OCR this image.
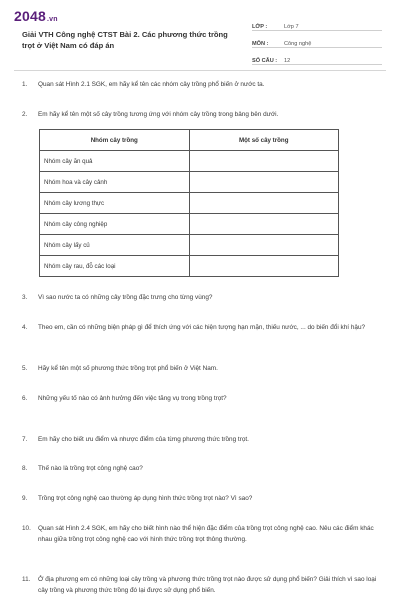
2048.vn
Giải VTH Công nghệ CTST Bài 2. Các phương thức trồng trọt ở Việt Nam có đáp án
LỚP :	Lớp 7
MÔN :	Công nghệ
SỐ CÂU :	12
1.	Quan sát Hình 2.1 SGK, em hãy kể tên các nhóm cây trồng phổ biến ở nước ta.
2.	Em hãy kể tên một số cây trồng tương ứng với nhóm cây trồng trong bảng bên dưới.
Nhóm cây trồng	Một số cây trồng
Nhóm cây ăn quả	
Nhóm hoa và cây cảnh	
Nhóm cây lương thực	
Nhóm cây công nghiệp	
Nhóm cây lấy củ	
Nhóm cây rau, đỗ các loại	
3.	Vì sao nước ta có những cây trồng đặc trưng cho từng vùng?
4.	Theo em, cần có những biện pháp gì để thích ứng với các hiện tượng hạn mặn, thiếu nước, ... do biến đổi khí hậu?
5.	Hãy kể tên một số phương thức trồng trọt phổ biến ở Việt Nam.
6.	Những yếu tố nào có ảnh hưởng đến việc tăng vụ trong trồng trọt?
7.	Em hãy cho biết ưu điểm và nhược điểm của từng phương thức trồng trọt.
8.	Thế nào là trồng trọt công nghệ cao?
9.	Trồng trọt công nghệ cao thường áp dụng hình thức trồng trọt nào? Vì sao?
10.	Quan sát Hình 2.4 SGK, em hãy cho biết hình nào thể hiện đặc điểm của trồng trọt công nghệ cao. Nêu các điểm khác nhau giữa trồng trọt công nghệ cao với hình thức trồng trọt thông thường.
11.	Ở địa phương em có những loại cây trồng và phương thức trồng trọt nào được sử dụng phổ biến? Giải thích vì sao loại cây trồng và phương thức trồng đó lại được sử dụng phổ biến.
